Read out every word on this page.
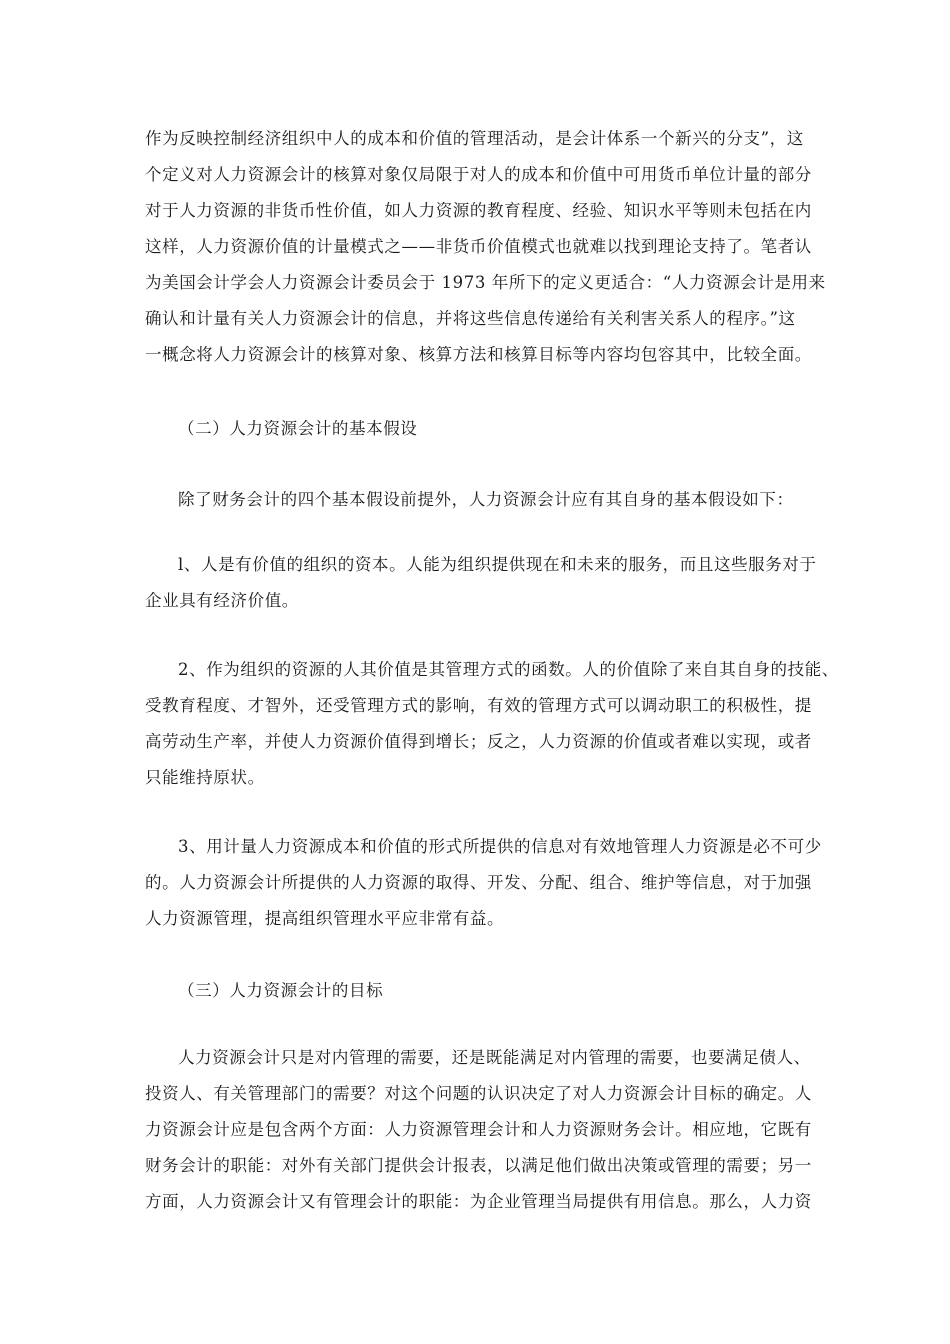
作为反映控制经济组织中人的成本和价值的管理活动，是会计体系一个新兴的分支”，这
个定义对人力资源会计的核算对象仅局限于对人的成本和价值中可用货币单位计量的部分
对于人力资源的非货币性价值，如人力资源的教育程度、经验、知识水平等则未包括在内
这样，人力资源价值的计量模式之——非货币价值模式也就难以找到理论支持了。笔者认
为美国会计学会人力资源会计委员会于 1973 年所下的定义更适合：“人力资源会计是用来
确认和计量有关人力资源会计的信息，并将这些信息传递给有关利害关系人的程序。”这
一概念将人力资源会计的核算对象、核算方法和核算目标等内容均包容其中，比较全面。
（二）人力资源会计的基本假设
除了财务会计的四个基本假设前提外，人力资源会计应有其自身的基本假设如下：
l、人是有价值的组织的资本。人能为组织提供现在和未来的服务，而且这些服务对于
企业具有经济价值。
2、作为组织的资源的人其价值是其管理方式的函数。人的价值除了来自其自身的技能、
受教育程度、才智外，还受管理方式的影响，有效的管理方式可以调动职工的积极性，提
高劳动生产率，并使人力资源价值得到增长；反之，人力资源的价值或者难以实现，或者
只能维持原状。
3、用计量人力资源成本和价值的形式所提供的信息对有效地管理人力资源是必不可少
的。人力资源会计所提供的人力资源的取得、开发、分配、组合、维护等信息，对于加强
人力资源管理，提高组织管理水平应非常有益。
（三）人力资源会计的目标
人力资源会计只是对内管理的需要，还是既能满足对内管理的需要，也要满足债人、
投资人、有关管理部门的需要？对这个问题的认识决定了对人力资源会计目标的确定。人
力资源会计应是包含两个方面：人力资源管理会计和人力资源财务会计。相应地，它既有
财务会计的职能：对外有关部门提供会计报表，以满足他们做出决策或管理的需要；另一
方面，人力资源会计又有管理会计的职能：为企业管理当局提供有用信息。那么，人力资
